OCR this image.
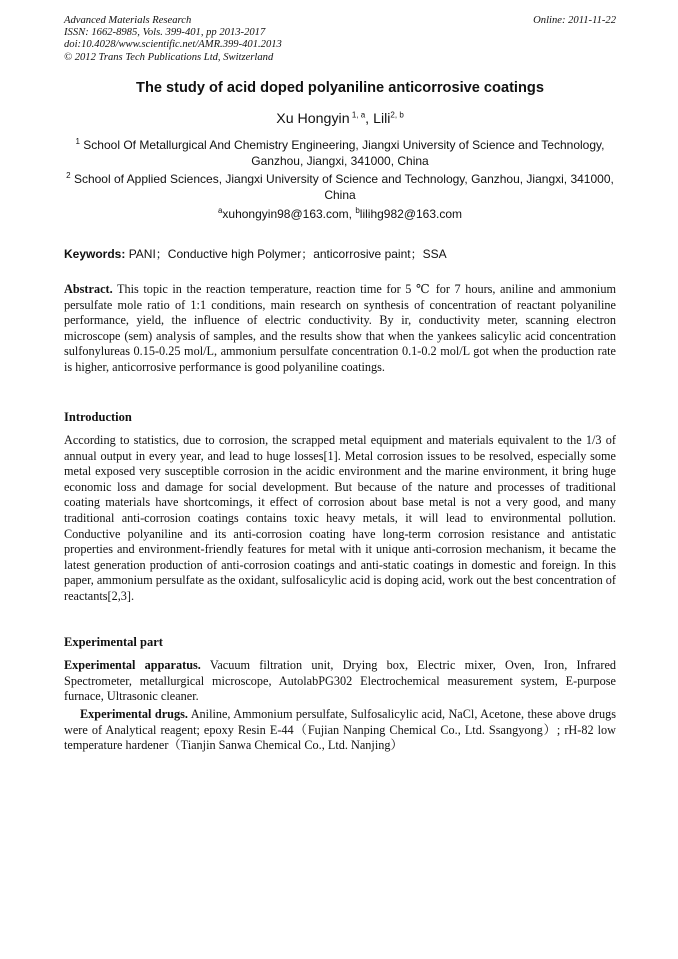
Advanced Materials Research
ISSN: 1662-8985, Vols. 399-401, pp 2013-2017
doi:10.4028/www.scientific.net/AMR.399-401.2013
© 2012 Trans Tech Publications Ltd, Switzerland
Online: 2011-11-22
The study of acid doped polyaniline anticorrosive coatings
Xu Hongyin $^{1, a}$, Lili$^{2, b}$
$^1$ School Of Metallurgical And Chemistry Engineering, Jiangxi University of Science and Technology, Ganzhou, Jiangxi, 341000, China
$^2$ School of Applied Sciences, Jiangxi University of Science and Technology, Ganzhou, Jiangxi, 341000, China
$^a$xuhongyin98@163.com, $^b$lilihg982@163.com
Keywords: PANI；Conductive high Polymer；anticorrosive paint；SSA
Abstract. This topic in the reaction temperature, reaction time for 5 ℃ for 7 hours, aniline and ammonium persulfate mole ratio of 1:1 conditions, main research on synthesis of concentration of reactant polyaniline performance, yield, the influence of electric conductivity. By ir, conductivity meter, scanning electron microscope (sem) analysis of samples, and the results show that when the yankees salicylic acid concentration sulfonylureas 0.15-0.25 mol/L, ammonium persulfate concentration 0.1-0.2 mol/L got when the production rate is higher, anticorrosive performance is good polyaniline coatings.
Introduction
According to statistics, due to corrosion, the scrapped metal equipment and materials equivalent to the 1/3 of annual output in every year, and lead to huge losses[1]. Metal corrosion issues to be resolved, especially some metal exposed very susceptible corrosion in the acidic environment and the marine environment, it bring huge economic loss and damage for social development. But because of the nature and processes of traditional coating materials have shortcomings, it effect of corrosion about base metal is not a very good, and many traditional anti-corrosion coatings contains toxic heavy metals, it will lead to environmental pollution. Conductive polyaniline and its anti-corrosion coating have long-term corrosion resistance and antistatic properties and environment-friendly features for metal with it unique anti-corrosion mechanism, it became the latest generation production of anti-corrosion coatings and anti-static coatings in domestic and foreign. In this paper, ammonium persulfate as the oxidant, sulfosalicylic acid is doping acid, work out the best concentration of reactants[2,3].
Experimental part
Experimental apparatus. Vacuum filtration unit, Drying box, Electric mixer, Oven, Iron, Infrared Spectrometer, metallurgical microscope, AutolabPG302 Electrochemical measurement system, E-purpose furnace, Ultrasonic cleaner.
Experimental drugs. Aniline, Ammonium persulfate, Sulfosalicylic acid, NaCl, Acetone, these above drugs were of Analytical reagent; epoxy Resin E-44（Fujian Nanping Chemical Co., Ltd. Ssangyong）; rH-82 low temperature hardener（Tianjin Sanwa Chemical Co., Ltd. Nanjing）
